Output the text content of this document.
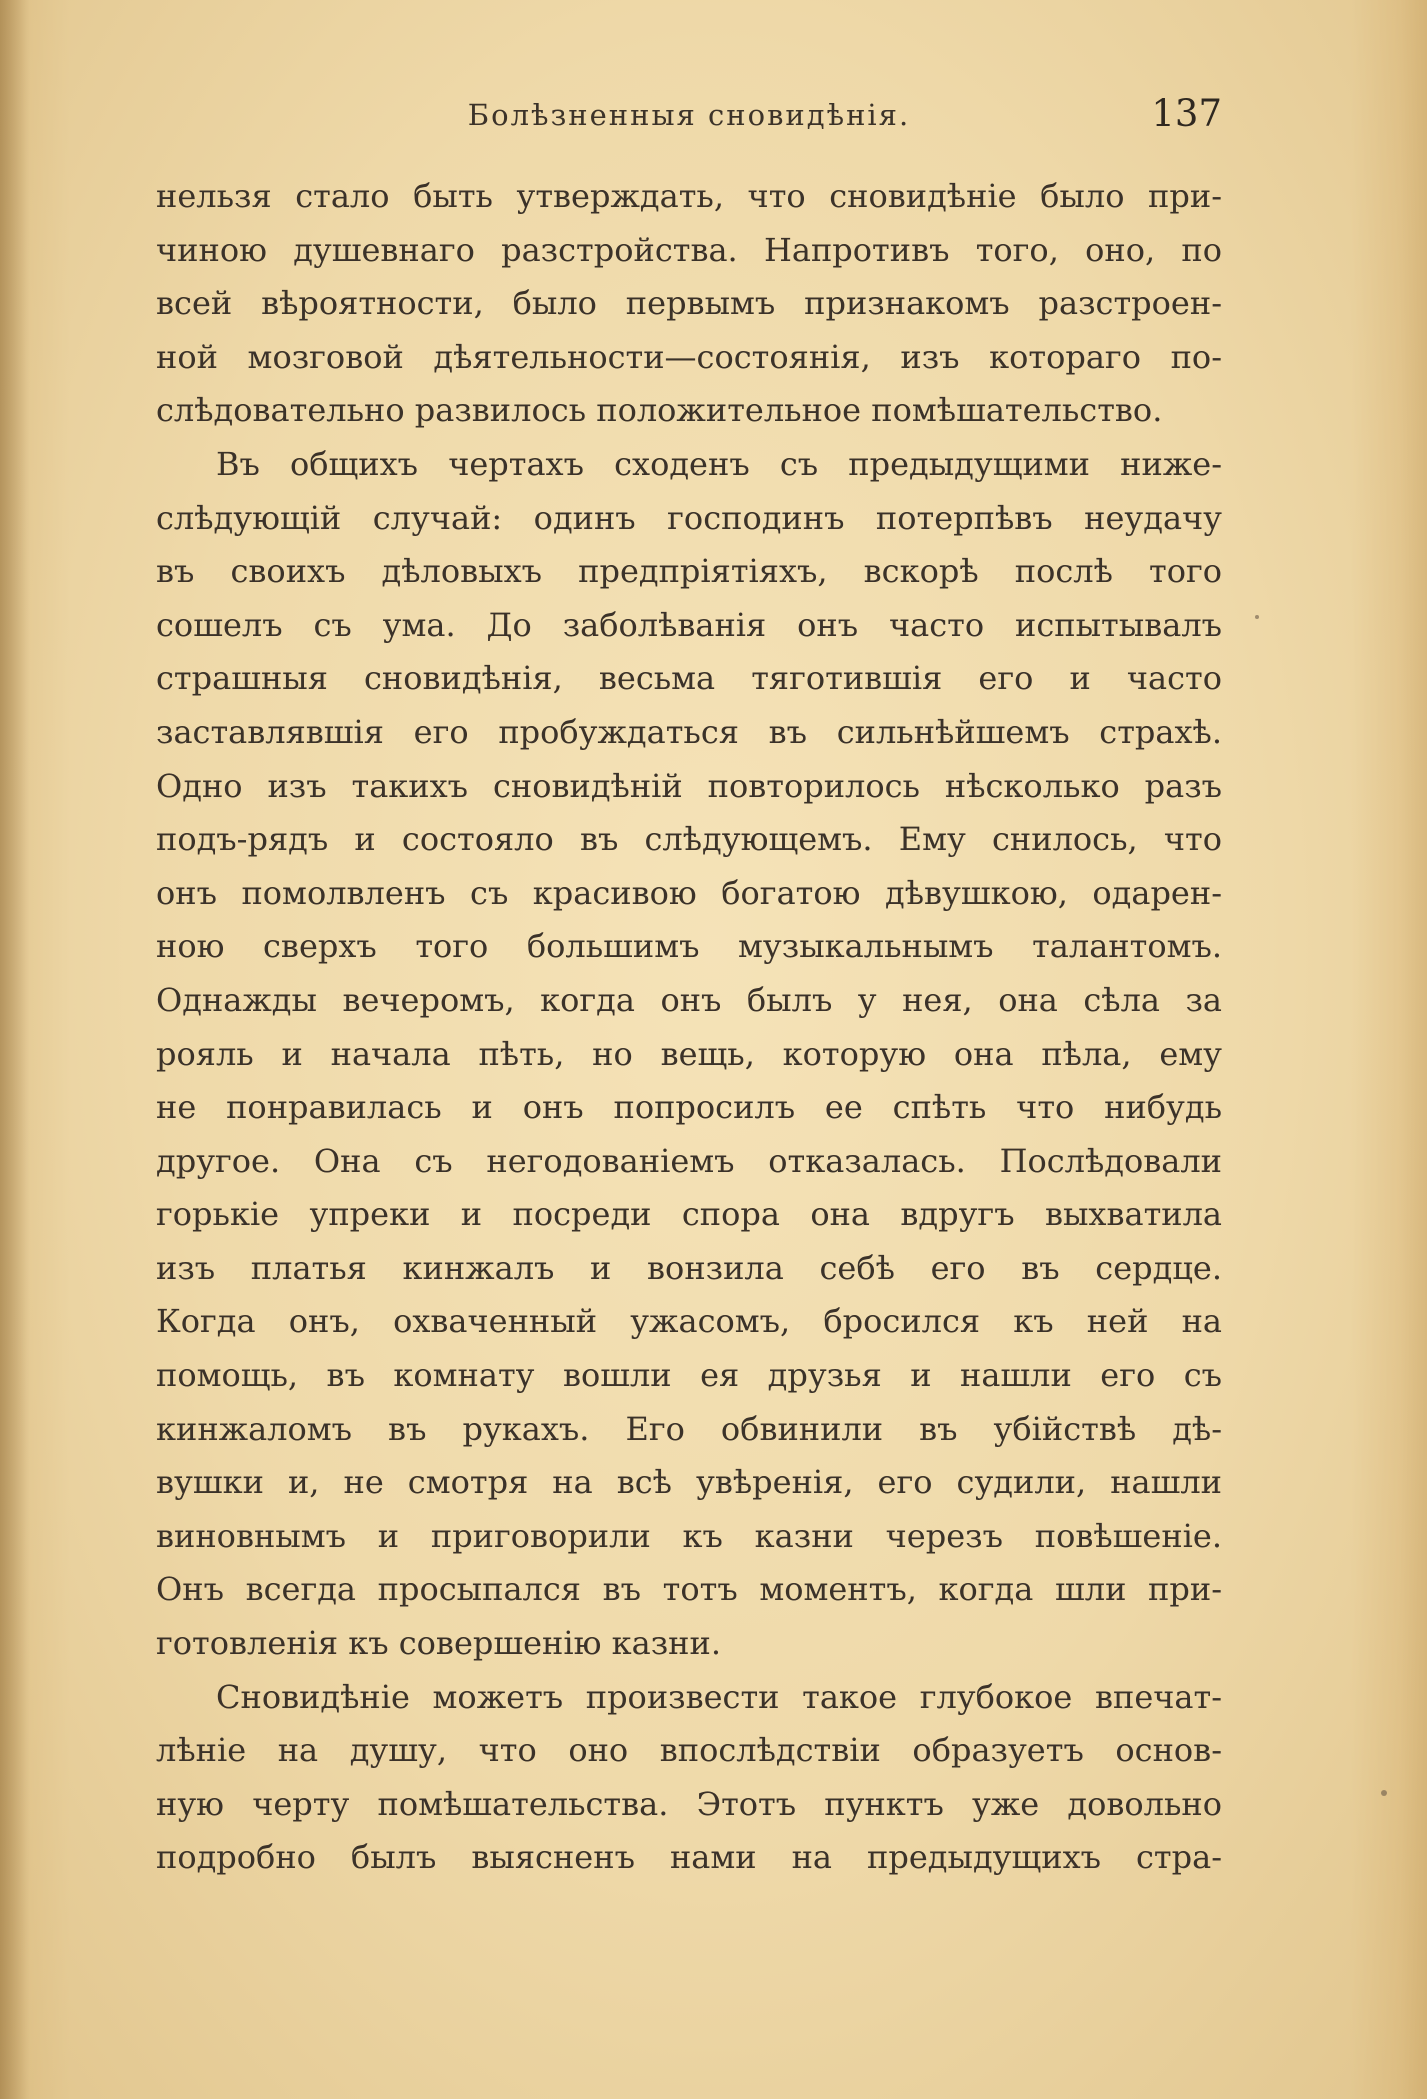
Болѣзненныя сновидѣнія.	137
нельзя стало быть утверждать, что сновидѣніе было при-
чиною душевнаго разстройства. Напротивъ того, оно, по
всей вѣроятности, было первымъ признакомъ разстроен-
ной мозговой дѣятельности—состоянія, изъ котораго по-
слѣдовательно развилось положительное помѣшательство.
Въ общихъ чертахъ сходенъ съ предыдущими ниже-
слѣдующій случай: одинъ господинъ потерпѣвъ неудачу
въ своихъ дѣловыхъ предпріятіяхъ, вскорѣ послѣ того
сошелъ съ ума. До заболѣванія онъ часто испытывалъ
страшныя сновидѣнія, весьма тяготившія его и часто
заставлявшія его пробуждаться въ сильнѣйшемъ страхѣ.
Одно изъ такихъ сновидѣній повторилось нѣсколько разъ
подъ-рядъ и состояло въ слѣдующемъ. Ему снилось, что
онъ помолвленъ съ красивою богатою дѣвушкою, одарен-
ною сверхъ того большимъ музыкальнымъ талантомъ.
Однажды вечеромъ, когда онъ былъ у нея, она сѣла за
рояль и начала пѣть, но вещь, которую она пѣла, ему
не понравилась и онъ попросилъ ее спѣть что нибудь
другое. Она съ негодованіемъ отказалась. Послѣдовали
горькіе упреки и посреди спора она вдругъ выхватила
изъ платья кинжалъ и вонзила себѣ его въ сердце.
Когда онъ, охваченный ужасомъ, бросился къ ней на
помощь, въ комнату вошли ея друзья и нашли его съ
кинжаломъ въ рукахъ. Его обвинили въ убійствѣ дѣ-
вушки и, не смотря на всѣ увѣренія, его судили, нашли
виновнымъ и приговорили къ казни черезъ повѣшеніе.
Онъ всегда просыпался въ тотъ моментъ, когда шли при-
готовленія къ совершенію казни.
Сновидѣніе можетъ произвести такое глубокое впечат-
лѣніе на душу, что оно впослѣдствіи образуетъ основ-
ную черту помѣшательства. Этотъ пунктъ уже довольно
подробно былъ выясненъ нами на предыдущихъ стра-
